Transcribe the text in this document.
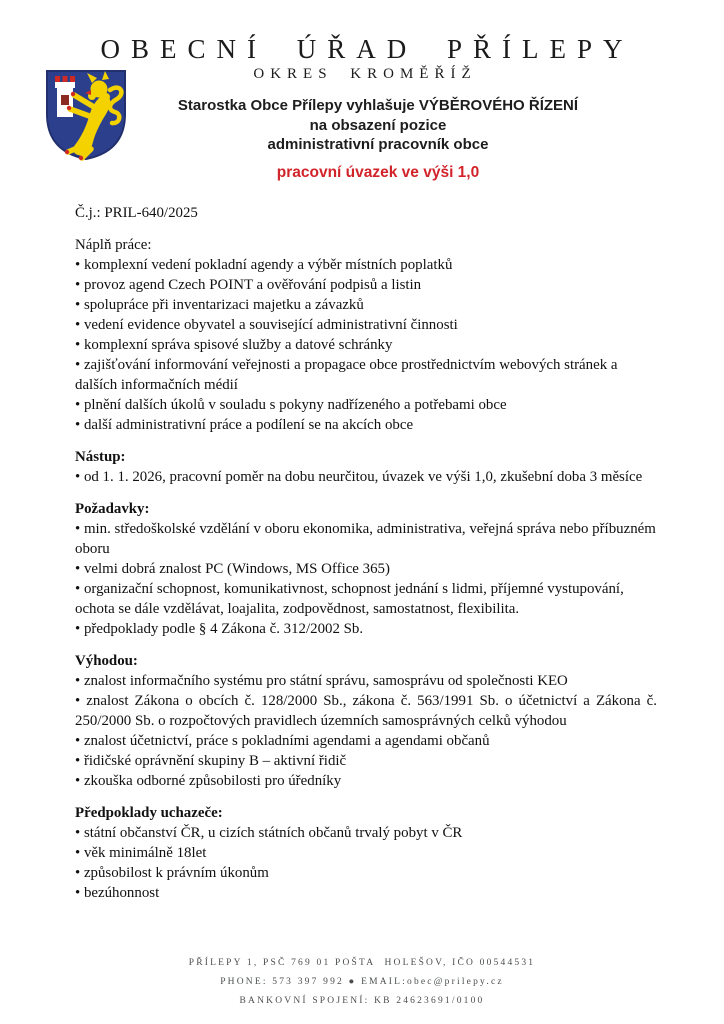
OBECNÍ ÚŘAD PŘÍLEPY

OKRES KROMĚŘÍŽ

Starostka Obce Přílepy vyhlašuje VÝBĚROVÉHO ŘÍZENÍ

na obsazení pozice

administrativní pracovník obce

pracovní úvazek ve výši 1,0

Č.j.: PRIL-640/2025

Náplň práce:

• komplexní vedení pokladní agendy a výběr místních poplatků

• provoz agend Czech POINT a ověřování podpisů a listin

• spolupráce při inventarizaci majetku a závazků

• vedení evidence obyvatel a související administrativní činnosti

• komplexní správa spisové služby a datové schránky

• zajišťování informování veřejnosti a propagace obce prostřednictvím webových stránek a dalších informačních médií

• plnění dalších úkolů v souladu s pokyny nadřízeného a potřebami obce

• další administrativní práce a podílení se na akcích obce

Nástup:

• od 1. 1. 2026, pracovní poměr na dobu neurčitou, úvazek ve výši 1,0, zkušební doba 3 měsíce

Požadavky:

• min. středoškolské vzdělání v oboru ekonomika, administrativa, veřejná správa nebo příbuzném oboru

• velmi dobrá znalost PC (Windows, MS Office 365)

• organizační schopnost, komunikativnost, schopnost jednání s lidmi, příjemné vystupování, ochota se dále vzdělávat, loajalita, zodpovědnost, samostatnost, flexibilita.

• předpoklady podle § 4 Zákona č. 312/2002 Sb.

Výhodou:

• znalost informačního systému pro státní správu, samosprávu od společnosti KEO

• znalost Zákona o obcích č. 128/2000 Sb., zákona č. 563/1991 Sb. o účetnictví a Zákona č. 250/2000 Sb. o rozpočtových pravidlech územních samosprávných celků výhodou

• znalost účetnictví, práce s pokladními agendami a agendami občanů

• řidičské oprávnění skupiny B – aktivní řidič

• zkouška odborné způsobilosti pro úředníky

Předpoklady uchazeče:

• státní občanství ČR, u cizích státních občanů trvalý pobyt v ČR

• věk minimálně 18let

• způsobilost k právním úkonům

• bezúhonnost

PŘÍLEPY 1, PSČ 769 01 POŠTA  HOLEŠOV, IČO 00544531

PHONE: 573 397 992 ● EMAIL:obec@prilepy.cz

BANKOVNÍ SPOJENÍ: KB 24623691/0100
